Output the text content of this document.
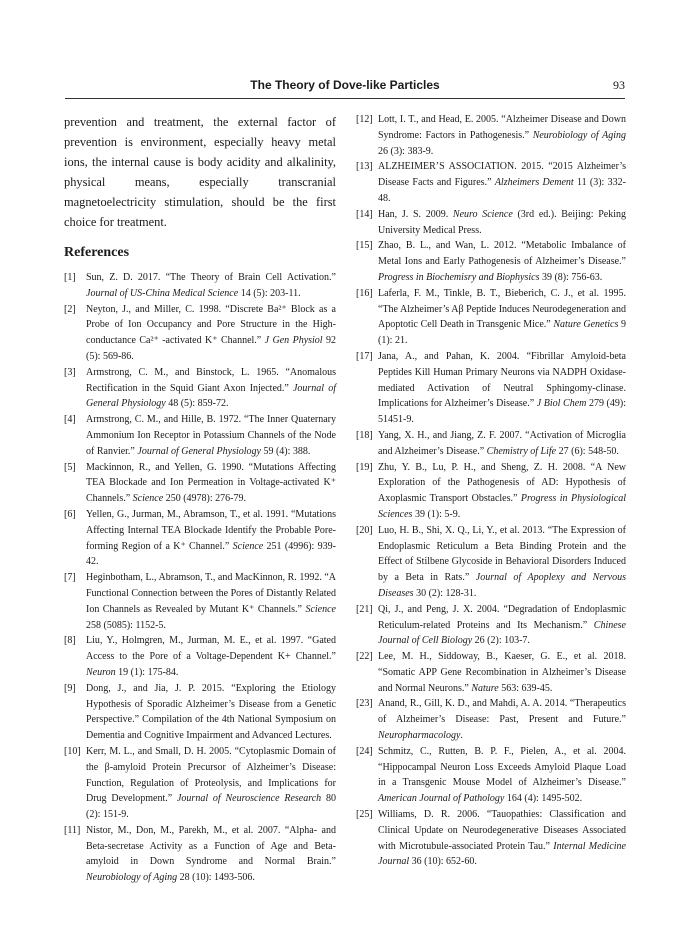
The Theory of Dove-like Particles	93

prevention and treatment, the external factor of prevention is environment, especially heavy metal ions, the internal cause is body acidity and alkalinity, physical means, especially transcranial magnetoelectricity stimulation, should be the first choice for treatment.

References
[1]	Sun, Z. D. 2017. “The Theory of Brain Cell Activation.” Journal of US-China Medical Science 14 (5): 203-11.
[2]	Neyton, J., and Miller, C. 1998. “Discrete Ba²⁺ Block as a Probe of Ion Occupancy and Pore Structure in the High-conductance Ca²⁺ -activated K⁺ Channel.” J Gen Physiol 92 (5): 569-86.
[3]	Armstrong, C. M., and Binstock, L. 1965. “Anomalous Rectification in the Squid Giant Axon Injected.” Journal of General Physiology 48 (5): 859-72.
[4]	Armstrong, C. M., and Hille, B. 1972. “The Inner Quaternary Ammonium Ion Receptor in Potassium Channels of the Node of Ranvier.” Journal of General Physiology 59 (4): 388.
[5]	Mackinnon, R., and Yellen, G. 1990. “Mutations Affecting TEA Blockade and Ion Permeation in Voltage-activated K⁺ Channels.” Science 250 (4978): 276-79.
[6]	Yellen, G., Jurman, M., Abramson, T., et al. 1991. “Mutations Affecting Internal TEA Blockade Identify the Probable Pore-forming Region of a K⁺ Channel.” Science 251 (4996): 939-42.
[7]	Heginbotham, L., Abramson, T., and MacKinnon, R. 1992. “A Functional Connection between the Pores of Distantly Related Ion Channels as Revealed by Mutant K⁺ Channels.” Science 258 (5085): 1152-5.
[8]	Liu, Y., Holmgren, M., Jurman, M. E., et al. 1997. “Gated Access to the Pore of a Voltage-Dependent K+ Channel.” Neuron 19 (1): 175-84.
[9]	Dong, J., and Jia, J. P. 2015. “Exploring the Etiology Hypothesis of Sporadic Alzheimer’s Disease from a Genetic Perspective.” Compilation of the 4th National Symposium on Dementia and Cognitive Impairment and Advanced Lectures.
[10] Kerr, M. L., and Small, D. H. 2005. “Cytoplasmic Domain of the β-amyloid Protein Precursor of Alzheimer’s Disease: Function, Regulation of Proteolysis, and Implications for Drug Development.” Journal of Neuroscience Research 80 (2): 151-9.
[11] Nistor, M., Don, M., Parekh, M., et al. 2007. “Alpha- and Beta-secretase Activity as a Function of Age and Beta-amyloid in Down Syndrome and Normal Brain.” Neurobiology of Aging 28 (10): 1493-506.
[12] Lott, I. T., and Head, E. 2005. “Alzheimer Disease and Down Syndrome: Factors in Pathogenesis.” Neurobiology of Aging 26 (3): 383-9.
[13] ALZHEIMER’S ASSOCIATION. 2015. “2015 Alzheimer’s Disease Facts and Figures.” Alzheimers Dement 11 (3): 332-48.
[14] Han, J. S. 2009. Neuro Science (3rd ed.). Beijing: Peking University Medical Press.
[15] Zhao, B. L., and Wan, L. 2012. “Metabolic Imbalance of Metal Ions and Early Pathogenesis of Alzheimer’s Disease.” Progress in Biochemisry and Biophysics 39 (8): 756-63.
[16] Laferla, F. M., Tinkle, B. T., Bieberich, C. J., et al. 1995. “The Alzheimer’s Aβ Peptide Induces Neurodegeneration and Apoptotic Cell Death in Transgenic Mice.” Nature Genetics 9 (1): 21.
[17] Jana, A., and Pahan, K. 2004. “Fibrillar Amyloid-beta Peptides Kill Human Primary Neurons via NADPH Oxidase-mediated Activation of Neutral Sphingomy-clinase. Implications for Alzheimer’s Disease.” J Biol Chem 279 (49): 51451-9.
[18] Yang, X. H., and Jiang, Z. F. 2007. “Activation of Microglia and Alzheimer’s Disease.” Chemistry of Life 27 (6): 548-50.
[19] Zhu, Y. B., Lu, P. H., and Sheng, Z. H. 2008. “A New Exploration of the Pathogenesis of AD: Hypothesis of Axoplasmic Transport Obstacles.” Progress in Physiological Sciences 39 (1): 5-9.
[20] Luo, H. B., Shi, X. Q., Li, Y., et al. 2013. “The Expression of Endoplasmic Reticulum a Beta Binding Protein and the Effect of Stilbene Glycoside in Behavioral Disorders Induced by a Beta in Rats.” Journal of Apoplexy and Nervous Diseases 30 (2): 128-31.
[21] Qi, J., and Peng, J. X. 2004. “Degradation of Endoplasmic Reticulum-related Proteins and Its Mechanism.” Chinese Journal of Cell Biology 26 (2): 103-7.
[22] Lee, M. H., Siddoway, B., Kaeser, G. E., et al. 2018. “Somatic APP Gene Recombination in Alzheimer’s Disease and Normal Neurons.” Nature 563: 639-45.
[23] Anand, R., Gill, K. D., and Mahdi, A. A. 2014. “Therapeutics of Alzheimer’s Disease: Past, Present and Future.” Neuropharmacology.
[24] Schmitz, C., Rutten, B. P. F., Pielen, A., et al. 2004. “Hippocampal Neuron Loss Exceeds Amyloid Plaque Load in a Transgenic Mouse Model of Alzheimer’s Disease.” American Journal of Pathology 164 (4): 1495-502.
[25] Williams, D. R. 2006. “Tauopathies: Classification and Clinical Update on Neurodegenerative Diseases Associated with Microtubule-associated Protein Tau.” Internal Medicine Journal 36 (10): 652-60.
